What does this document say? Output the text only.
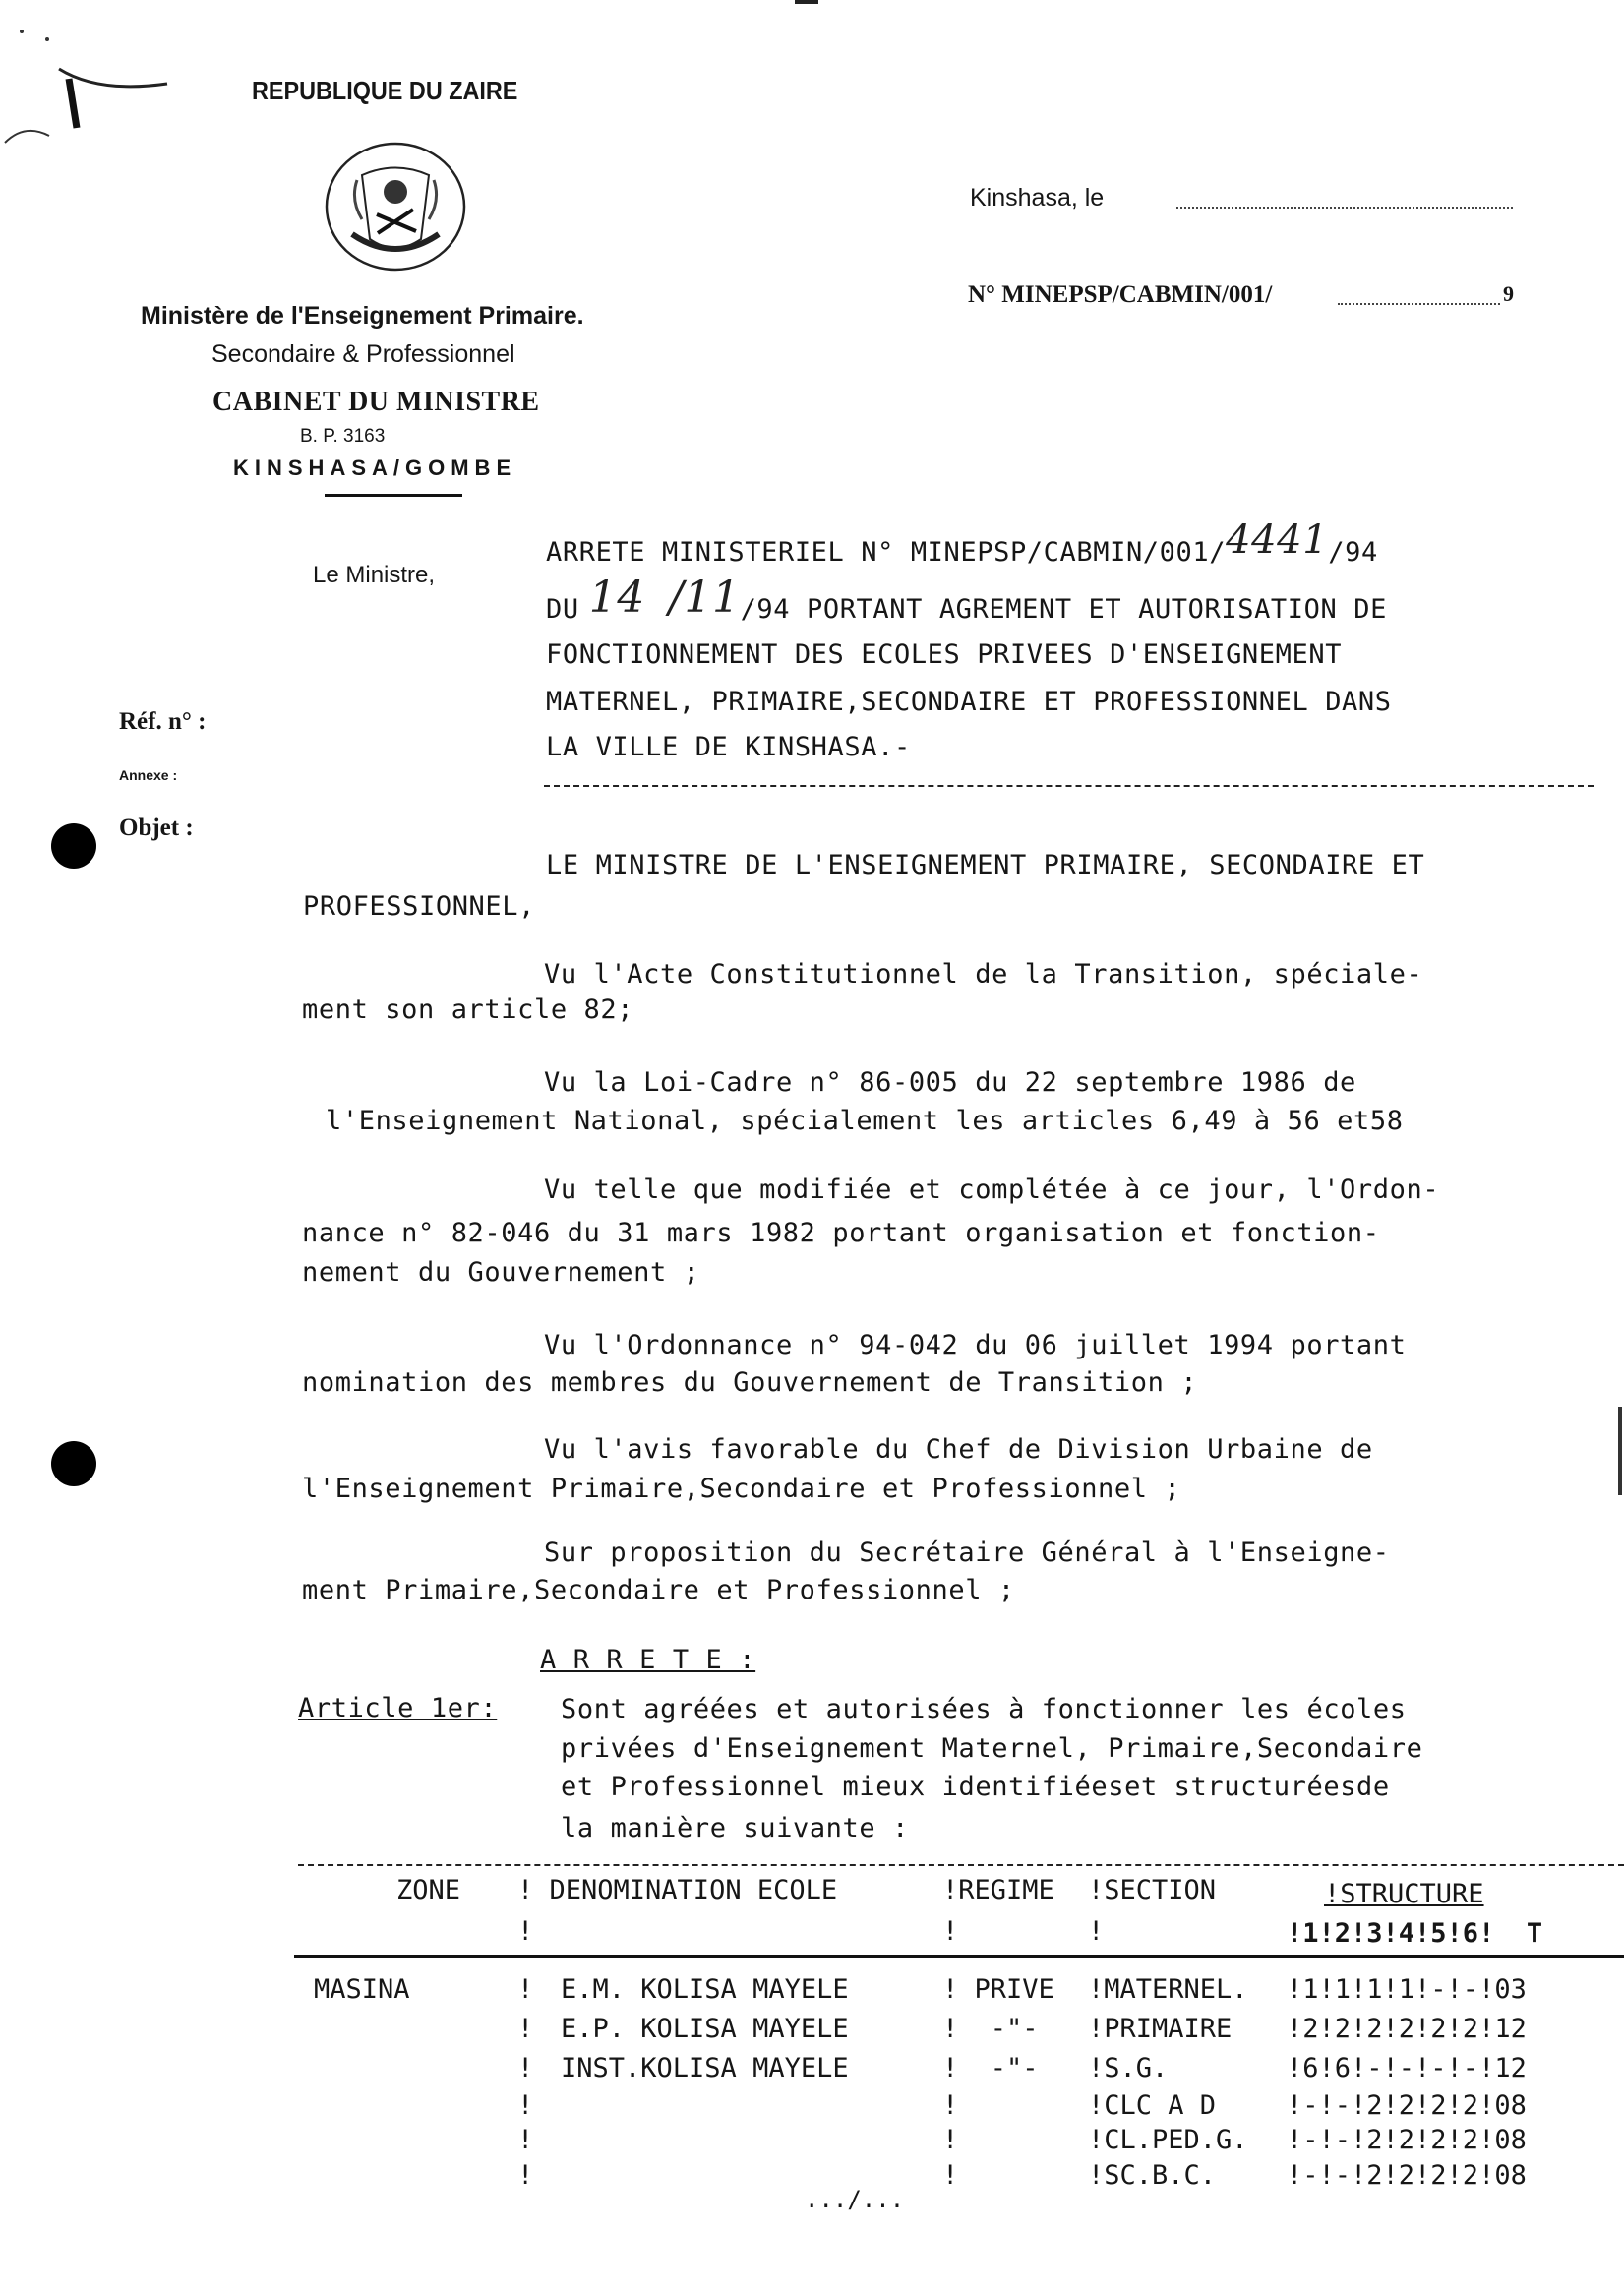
REPUBLIQUE DU ZAIRE
Ministère de l'Enseignement Primaire.
Secondaire & Professionnel
CABINET DU MINISTRE
B. P. 3163
KINSHASA/GOMBE
Kinshasa, le
N° MINEPSP/CABMIN/001/	9
Le Ministre,
Réf. n° :
Annexe :
Objet :
ARRETE MINISTERIEL N° MINEPSP/CABMIN/001/4441/94
DU 14 /11/94 PORTANT AGREMENT ET AUTORISATION DE
FONCTIONNEMENT DES ECOLES PRIVEES D'ENSEIGNEMENT
MATERNEL, PRIMAIRE,SECONDAIRE ET PROFESSIONNEL DANS
LA VILLE DE KINSHASA.-
LE MINISTRE DE L'ENSEIGNEMENT PRIMAIRE, SECONDAIRE ET
PROFESSIONNEL,
Vu l'Acte Constitutionnel de la Transition, spéciale-
ment son article 82;
Vu la Loi-Cadre n° 86-005 du 22 septembre 1986 de
l'Enseignement National, spécialement les articles 6,49 à 56 et58
Vu telle que modifiée et complétée à ce jour, l'Ordon-
nance n° 82-046 du 31 mars 1982 portant organisation et fonction-
nement du Gouvernement ;
Vu l'Ordonnance n° 94-042 du 06 juillet 1994 portant
nomination des membres du Gouvernement de Transition ;
Vu l'avis favorable du Chef de Division Urbaine de
l'Enseignement Primaire,Secondaire et Professionnel ;
Sur proposition du Secrétaire Général à l'Enseigne-
ment Primaire,Secondaire et Professionnel ;
A R R E T E :
Article 1er: Sont agréées et autorisées à fonctionner les écoles
privées d'Enseignement Maternel, Primaire,Secondaire
et Professionnel mieux identifiéeset structuréesde
la manière suivante :
ZONE ! DENOMINATION ECOLE	!REGIME !SECTION	!STRUCTURE
!	!	!	!1!2!3!4!5!6!  T
MASINA	! E.M. KOLISA MAYELE	! PRIVE !MATERNEL. !1!1!1!1!-!-!03
! E.P. KOLISA MAYELE	!  -"- !PRIMAIRE !2!2!2!2!2!2!12
! INST.KOLISA MAYELE	!  -"- !S.G.	!6!6!-!-!-!-!12
!	!	!CLC A D	!-!-!2!2!2!2!08
!	!	!CL.PED.G. !-!-!2!2!2!2!08
!	!	!SC.B.C.	!-!-!2!2!2!2!08
.../...
